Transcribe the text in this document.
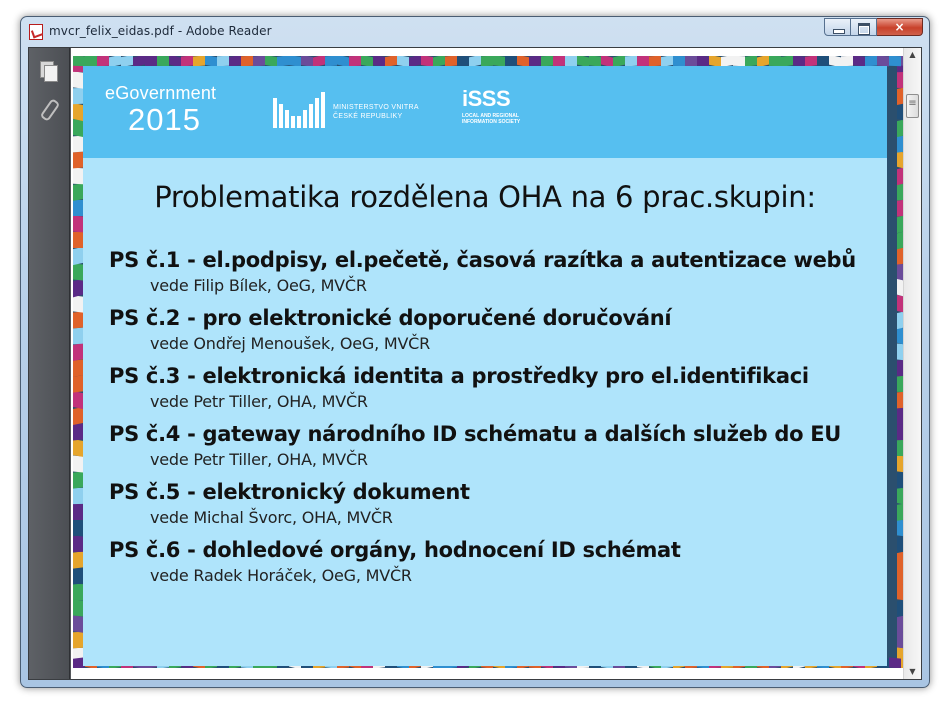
mvcr_felix_eidas.pdf - Adobe Reader	×
eGovernment
2015	MINISTERSTVO VNITRA
ČESKÉ REPUBLIKY
iSSS
LOCAL AND REGIONAL
INFORMATION SOCIETY
Problematika rozdělena OHA na 6 prac.skupin:
PS č.1 - el.podpisy, el.pečetě, časová razítka a autentizace webů
vede Filip Bílek, OeG, MVČR
PS č.2 - pro elektronické doporučené doručování
vede Ondřej Menoušek, OeG, MVČR
PS č.3 - elektronická identita a prostředky pro el.identifikaci
vede Petr Tiller, OHA, MVČR
PS č.4 - gateway národního ID schématu a dalších služeb do EU
vede Petr Tiller, OHA, MVČR
PS č.5 - elektronický dokument
vede Michal Švorc, OHA, MVČR
PS č.6 - dohledové orgány, hodnocení ID schémat
vede Radek Horáček, OeG, MVČR
▲
≡
▼
